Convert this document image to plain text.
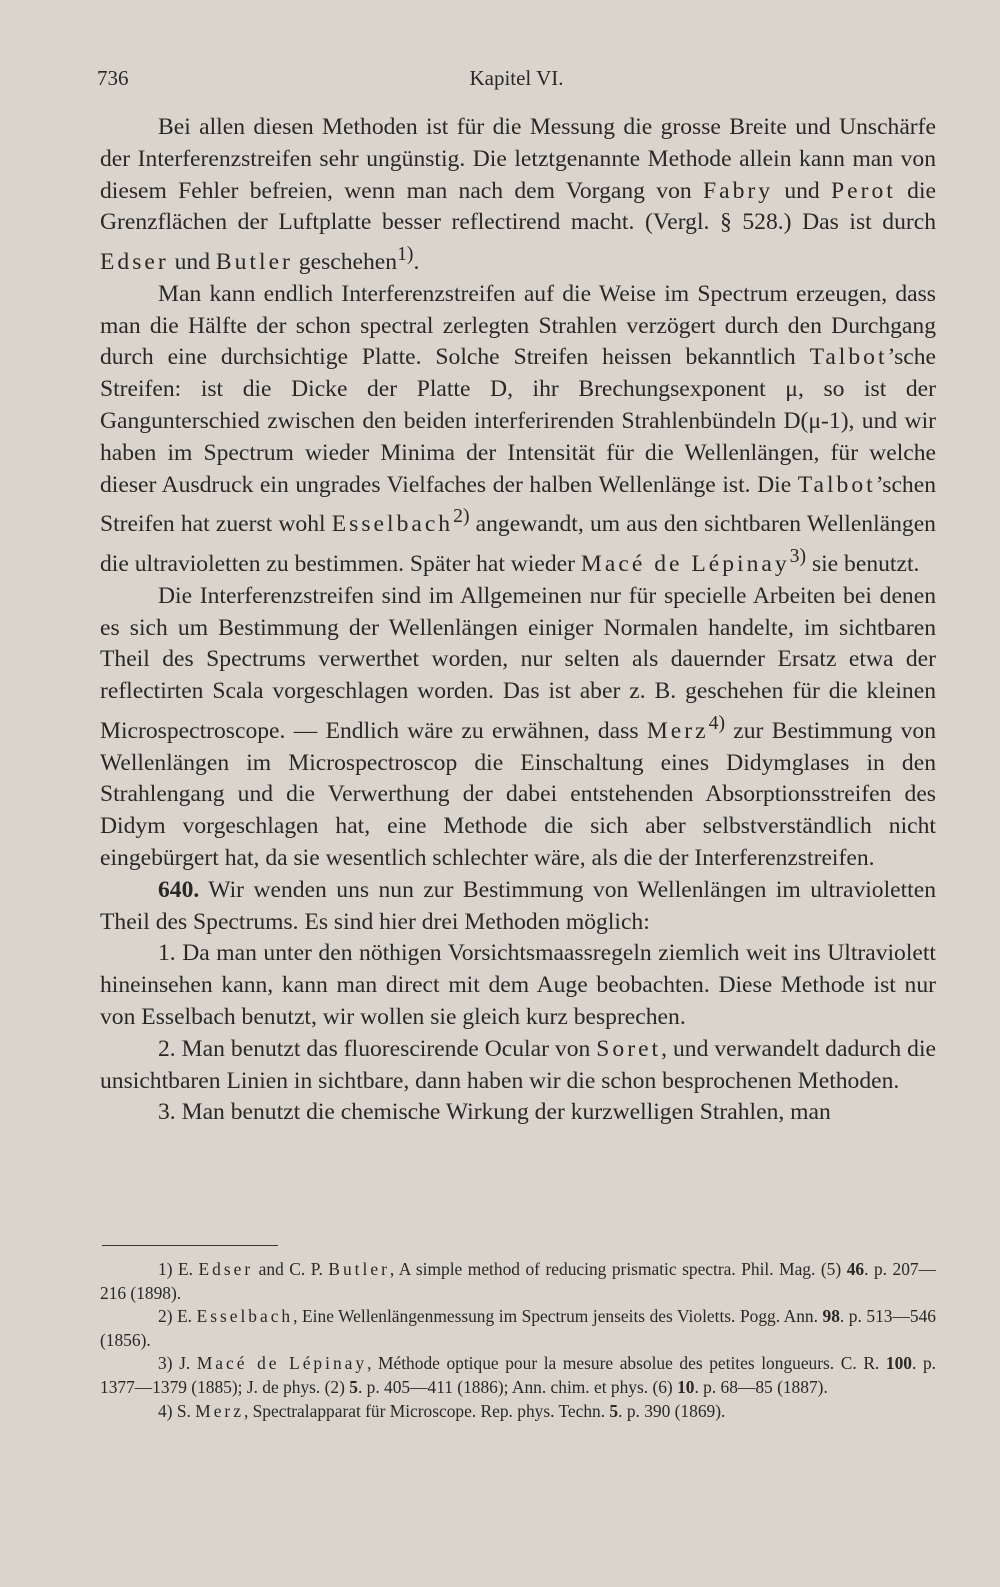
736	Kapitel VI.

Bei allen diesen Methoden ist für die Messung die grosse Breite und Unschärfe der Interferenzstreifen sehr ungünstig. Die letztgenannte Methode allein kann man von diesem Fehler befreien, wenn man nach dem Vorgang von Fabry und Perot die Grenzflächen der Luftplatte besser reflectirend macht. (Vergl. § 528.) Das ist durch Edser und Butler geschehen$^{1)}$.

Man kann endlich Interferenzstreifen auf die Weise im Spectrum erzeugen, dass man die Hälfte der schon spectral zerlegten Strahlen verzögert durch den Durchgang durch eine durchsichtige Platte. Solche Streifen heissen bekanntlich Talbot’sche Streifen: ist die Dicke der Platte D, ihr Brechungsexponent μ, so ist der Gangunterschied zwischen den beiden interferirenden Strahlenbündeln D(μ-1), und wir haben im Spectrum wieder Minima der Intensität für die Wellenlängen, für welche dieser Ausdruck ein ungrades Vielfaches der halben Wellenlänge ist. Die Talbot’schen Streifen hat zuerst wohl Esselbach$^{2)}$ angewandt, um aus den sichtbaren Wellenlängen die ultravioletten zu bestimmen. Später hat wieder Macé de Lépinay$^{3)}$ sie benutzt.

Die Interferenzstreifen sind im Allgemeinen nur für specielle Arbeiten bei denen es sich um Bestimmung der Wellenlängen einiger Normalen handelte, im sichtbaren Theil des Spectrums verwerthet worden, nur selten als dauernder Ersatz etwa der reflectirten Scala vorgeschlagen worden. Das ist aber z. B. geschehen für die kleinen Microspectroscope. — Endlich wäre zu erwähnen, dass Merz$^{4)}$ zur Bestimmung von Wellenlängen im Microspectroscop die Einschaltung eines Didymglases in den Strahlengang und die Verwerthung der dabei entstehenden Absorptionsstreifen des Didym vorgeschlagen hat, eine Methode die sich aber selbstverständlich nicht eingebürgert hat, da sie wesentlich schlechter wäre, als die der Interferenzstreifen.

640. Wir wenden uns nun zur Bestimmung von Wellenlängen im ultravioletten Theil des Spectrums. Es sind hier drei Methoden möglich:

1. Da man unter den nöthigen Vorsichtsmaassregeln ziemlich weit ins Ultraviolett hineinsehen kann, kann man direct mit dem Auge beobachten. Diese Methode ist nur von Esselbach benutzt, wir wollen sie gleich kurz besprechen.

2. Man benutzt das fluorescirende Ocular von Soret, und verwandelt dadurch die unsichtbaren Linien in sichtbare, dann haben wir die schon besprochenen Methoden.

3. Man benutzt die chemische Wirkung der kurzwelligen Strahlen, man

1) E. Edser and C. P. Butler, A simple method of reducing prismatic spectra. Phil. Mag. (5) 46. p. 207—216 (1898).

2) E. Esselbach, Eine Wellenlängenmessung im Spectrum jenseits des Violetts. Pogg. Ann. 98. p. 513—546 (1856).

3) J. Macé de Lépinay, Méthode optique pour la mesure absolue des petites longueurs. C. R. 100. p. 1377—1379 (1885); J. de phys. (2) 5. p. 405—411 (1886); Ann. chim. et phys. (6) 10. p. 68—85 (1887).

4) S. Merz, Spectralapparat für Microscope. Rep. phys. Techn. 5. p. 390 (1869).
